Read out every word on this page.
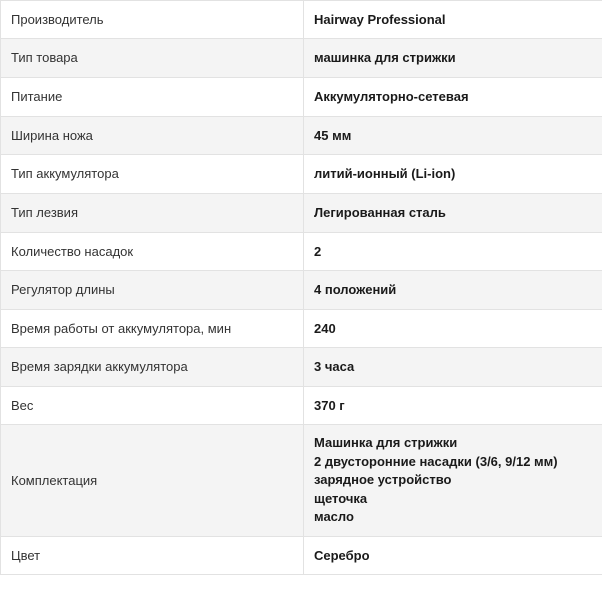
Производитель	Hairway Professional
Тип товара	машинка для стрижки
Питание	Аккумуляторно-сетевая
Ширина ножа	45 мм
Тип аккумулятора	литий-ионный (Li-ion)
Тип лезвия	Легированная сталь
Количество насадок	2
Регулятор длины	4 положений
Время работы от аккумулятора, мин	240
Время зарядки аккумулятора	3 часа
Вес	370 г
Комплектация	Машинка для стрижки
2 двусторонние насадки (3/6, 9/12 мм)
зарядное устройство
щеточка
масло

Цвет	Серебро
